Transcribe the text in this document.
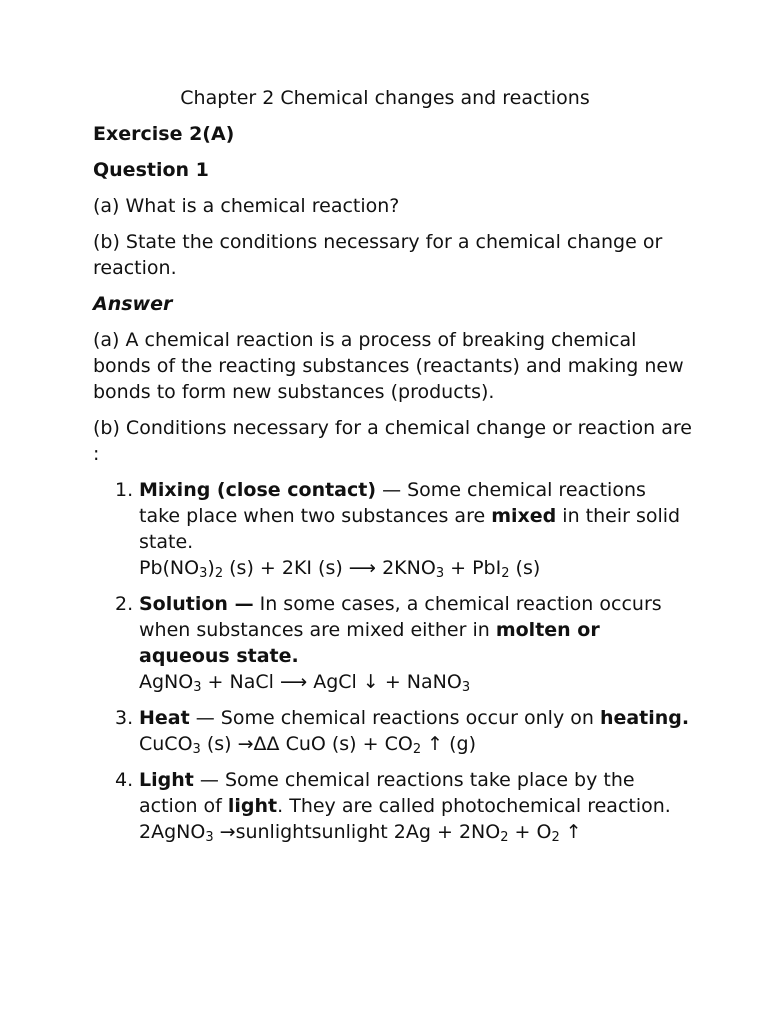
Chapter 2 Chemical changes and reactions

Exercise 2(A)

Question 1

(a) What is a chemical reaction?

(b) State the conditions necessary for a chemical change or reaction.

Answer

(a) A chemical reaction is a process of breaking chemical bonds of the reacting substances (reactants) and making new bonds to form new substances (products).

(b) Conditions necessary for a chemical change or reaction are :

1. Mixing (close contact) — Some chemical reactions take place when two substances are mixed in their solid state.
$Pb(NO_3)_2$ (s) + 2KI (s) ⟶ $2KNO_3 + PbI_2$ (s)
2. Solution — In some cases, a chemical reaction occurs when substances are mixed either in molten or aqueous state.
AgNO$_3$ + NaCl ⟶ AgCl ↓ + NaNO$_3$
3. Heat — Some chemical reactions occur only on heating.
CuCO$_3$ (s) →ΔΔ CuO $(s) + CO_2$ ↑ (g)
4. Light — Some chemical reactions take place by the action of light. They are called photochemical reaction.
2AgNO$_3$ →sunlightsunlight $2Ag + 2NO_2 + O_2$ ↑
